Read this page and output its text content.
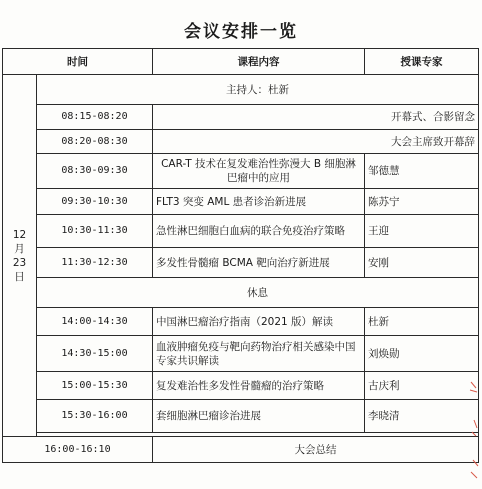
会议安排一览
时间		课程内容	授课专家
12
月
23
日	主持人：杜新		
	08:15-08:20	开幕式、合影留念	
	08:20-08:30	大会主席致开幕辞	
	08:30-09:30	CAR-T 技术在复发难治性弥漫大 B 细胞淋巴瘤中的应用	邹德慧
	09:30-10:30	FLT3 突变 AML 患者诊治新进展	陈苏宁
	10:30-11:30	急性淋巴细胞白血病的联合免疫治疗策略	王迎
	11:30-12:30	多发性骨髓瘤 BCMA 靶向治疗新进展	安刚
	休息		
	14:00-14:30	中国淋巴瘤治疗指南（2021 版）解读	杜新
	14:30-15:00	血液肿瘤免疫与靶向药物治疗相关感染中国专家共识解读	刘焕勋
	15:00-15:30	复发难治性多发性骨髓瘤的治疗策略	古庆利
	15:30-16:00	套细胞淋巴瘤诊治进展	李晓清

16:00-16:10		大会总结	
